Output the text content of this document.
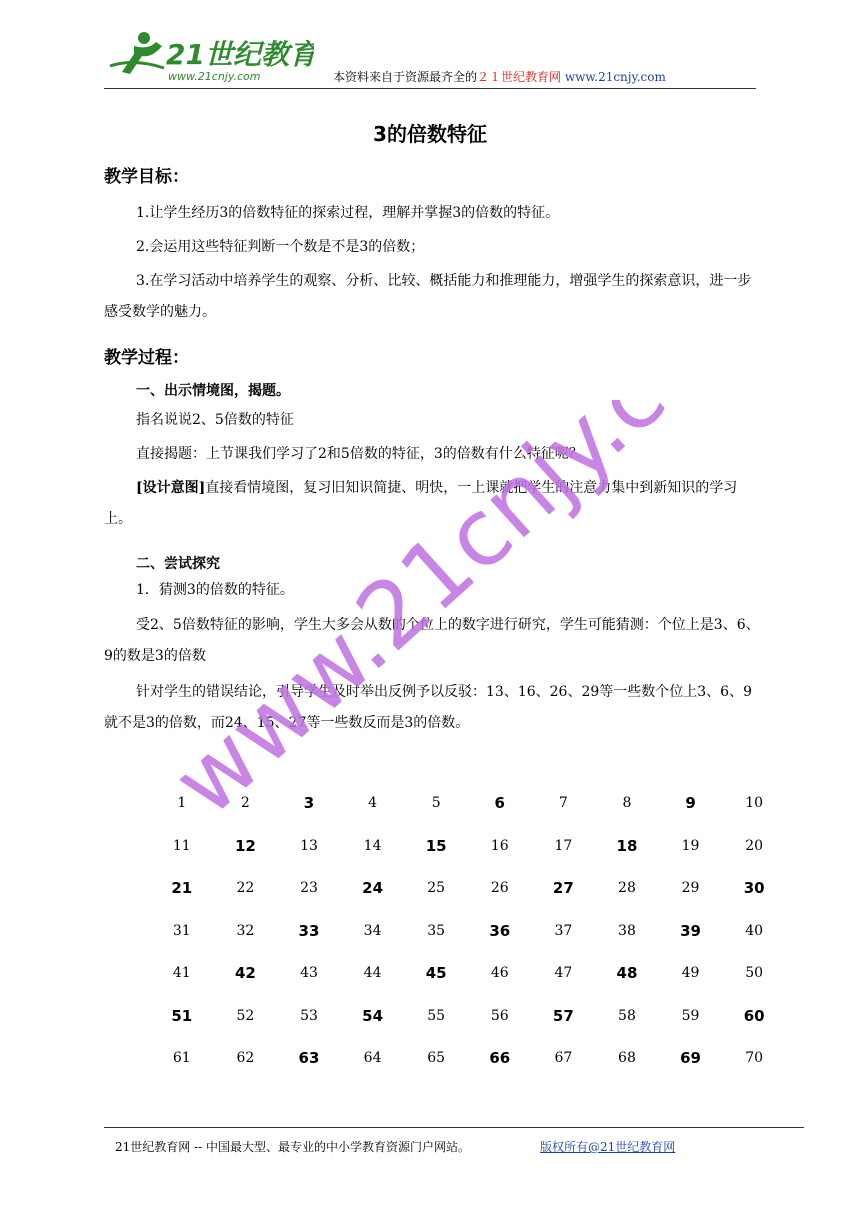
21世纪教育
www.21cnjy.com	本资料来自于资源最齐全的２１世纪教育网 www.21cnjy.com
3的倍数特征
教学目标：
1.让学生经历3的倍数特征的探索过程，理解并掌握3的倍数的特征。
2.会运用这些特征判断一个数是不是3的倍数；
3.在学习活动中培养学生的观察、分析、比较、概括能力和推理能力，增强学生的探索意识，进一步感受数学的魅力。
教学过程：
一、出示情境图，揭题。
指名说说2、5倍数的特征
直接揭题：上节课我们学习了2和5倍数的特征，3的倍数有什么特征呢？
[设计意图]直接看情境图，复习旧知识简捷、明快，一上课就把学生的注意力集中到新知识的学习上。
二、尝试探究
1．猜测3的倍数的特征。
受2、5倍数特征的影响，学生大多会从数的个位上的数字进行研究，学生可能猜测：个位上是3、6、9的数是3的倍数
针对学生的错误结论，引导学生及时举出反例予以反驳：13、16、26、29等一些数个位上3、6、9就不是3的倍数，而24、15、27等一些数反而是3的倍数。
1	2	3	4	5	6	7	8	9	10
11	12	13	14	15	16	17	18	19	20
21	22	23	24	25	26	27	28	29	30
31	32	33	34	35	36	37	38	39	40
41	42	43	44	45	46	47	48	49	50
51	52	53	54	55	56	57	58	59	60
61	62	63	64	65	66	67	68	69	70
www.21cnjy.com
21世纪教育网 -- 中国最大型、最专业的中小学教育资源门户网站。	版权所有@21世纪教育网
